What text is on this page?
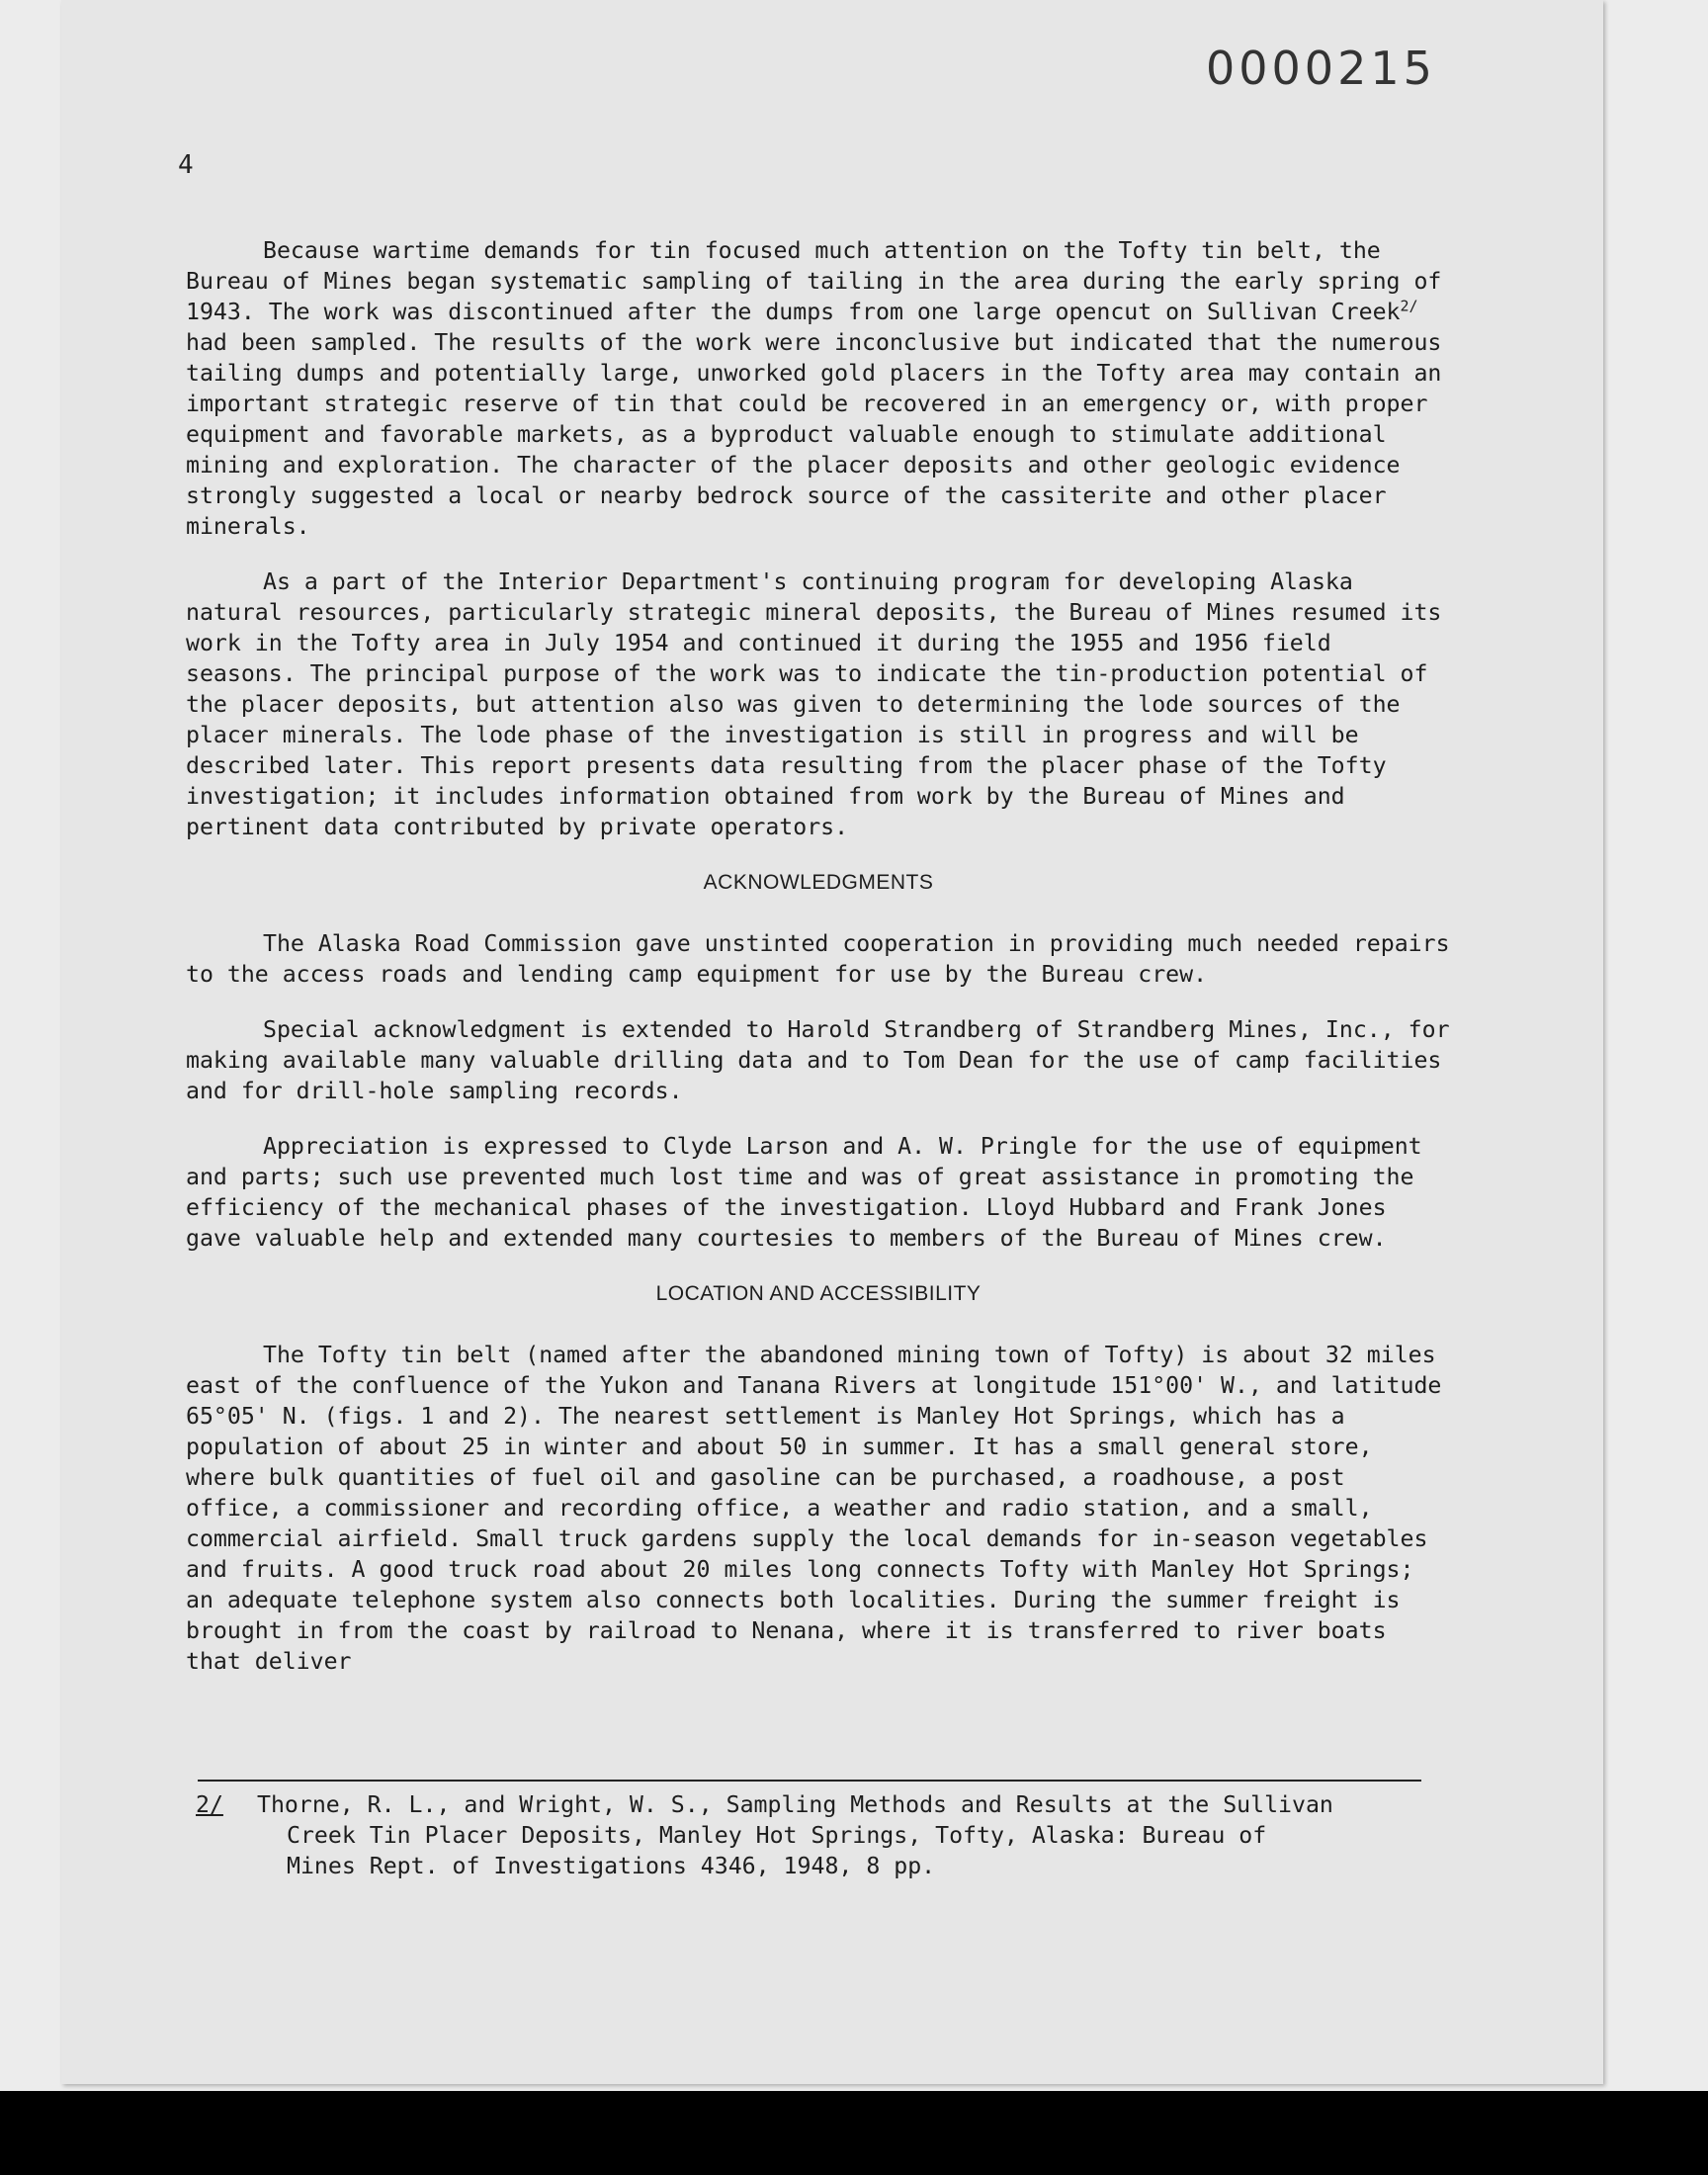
0000215
4

Because wartime demands for tin focused much attention on the Tofty tin belt, the Bureau of Mines began systematic sampling of tailing in the area during the early spring of 1943. The work was discontinued after the dumps from one large opencut on Sullivan Creek$^{2/}$ had been sampled. The results of the work were inconclusive but indicated that the numerous tailing dumps and potentially large, unworked gold placers in the Tofty area may contain an important strategic reserve of tin that could be recovered in an emergency or, with proper equipment and favorable markets, as a byproduct valuable enough to stimulate additional mining and exploration. The character of the placer deposits and other geologic evidence strongly suggested a local or nearby bedrock source of the cassiterite and other placer minerals.

As a part of the Interior Department's continuing program for developing Alaska natural resources, particularly strategic mineral deposits, the Bureau of Mines resumed its work in the Tofty area in July 1954 and continued it during the 1955 and 1956 field seasons. The principal purpose of the work was to indicate the tin-production potential of the placer deposits, but attention also was given to determining the lode sources of the placer minerals. The lode phase of the investigation is still in progress and will be described later. This report presents data resulting from the placer phase of the Tofty investigation; it includes information obtained from work by the Bureau of Mines and pertinent data contributed by private operators.

ACKNOWLEDGMENTS

The Alaska Road Commission gave unstinted cooperation in providing much needed repairs to the access roads and lending camp equipment for use by the Bureau crew.

Special acknowledgment is extended to Harold Strandberg of Strandberg Mines, Inc., for making available many valuable drilling data and to Tom Dean for the use of camp facilities and for drill-hole sampling records.

Appreciation is expressed to Clyde Larson and A. W. Pringle for the use of equipment and parts; such use prevented much lost time and was of great assistance in promoting the efficiency of the mechanical phases of the investigation. Lloyd Hubbard and Frank Jones gave valuable help and extended many courtesies to members of the Bureau of Mines crew.

LOCATION AND ACCESSIBILITY

The Tofty tin belt (named after the abandoned mining town of Tofty) is about 32 miles east of the confluence of the Yukon and Tanana Rivers at longitude 151°00' W., and latitude 65°05' N. (figs. 1 and 2). The nearest settlement is Manley Hot Springs, which has a population of about 25 in winter and about 50 in summer. It has a small general store, where bulk quantities of fuel oil and gasoline can be purchased, a roadhouse, a post office, a commissioner and recording office, a weather and radio station, and a small, commercial airfield. Small truck gardens supply the local demands for in-season vegetables and fruits. A good truck road about 20 miles long connects Tofty with Manley Hot Springs; an adequate telephone system also connects both localities. During the summer freight is brought in from the coast by railroad to Nenana, where it is transferred to river boats that deliver

2/	Thorne, R. L., and Wright, W. S., Sampling Methods and Results at the Sullivan
Creek Tin Placer Deposits, Manley Hot Springs, Tofty, Alaska: Bureau of
Mines Rept. of Investigations 4346, 1948, 8 pp.
